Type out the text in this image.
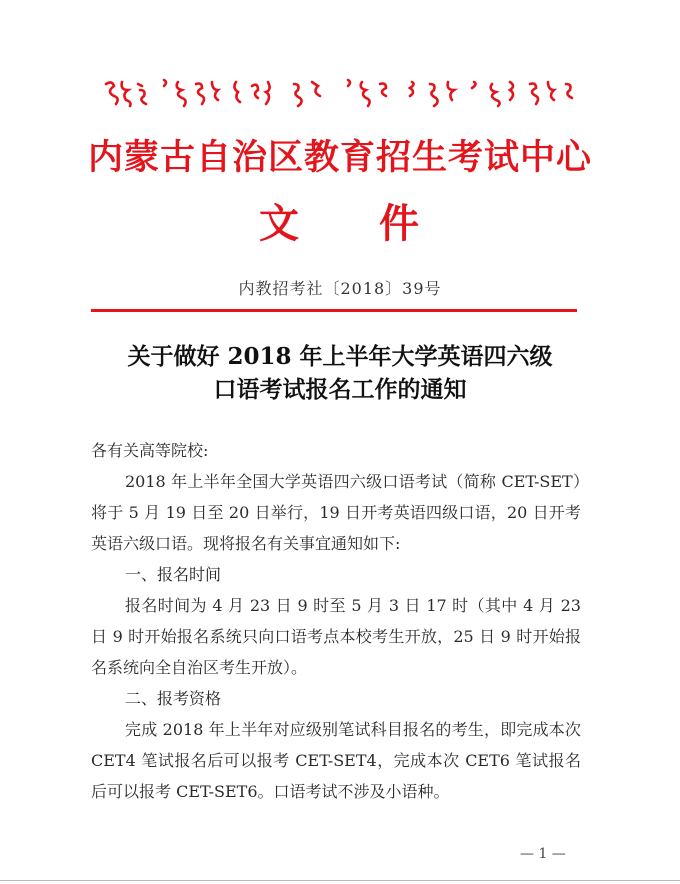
内蒙古自治区教育招生考试中心
文 件
内教招考社〔2018〕39号
关于做好 2018 年上半年大学英语四六级
口语考试报名工作的通知

各有关高等院校:

2018 年上半年全国大学英语四六级口语考试（简称 CET-SET）将于 5 月 19 日至 20 日举行，19 日开考英语四级口语，20 日开考英语六级口语。现将报名有关事宜通知如下:

一、报名时间

报名时间为 4 月 23 日 9 时至 5 月 3 日 17 时（其中 4 月 23 日 9 时开始报名系统只向口语考点本校考生开放，25 日 9 时开始报名系统向全自治区考生开放）。

二、报考资格

完成 2018 年上半年对应级别笔试科目报名的考生，即完成本次 CET4 笔试报名后可以报考 CET-SET4，完成本次 CET6 笔试报名后可以报考 CET-SET6。口语考试不涉及小语种。

— 1 —
